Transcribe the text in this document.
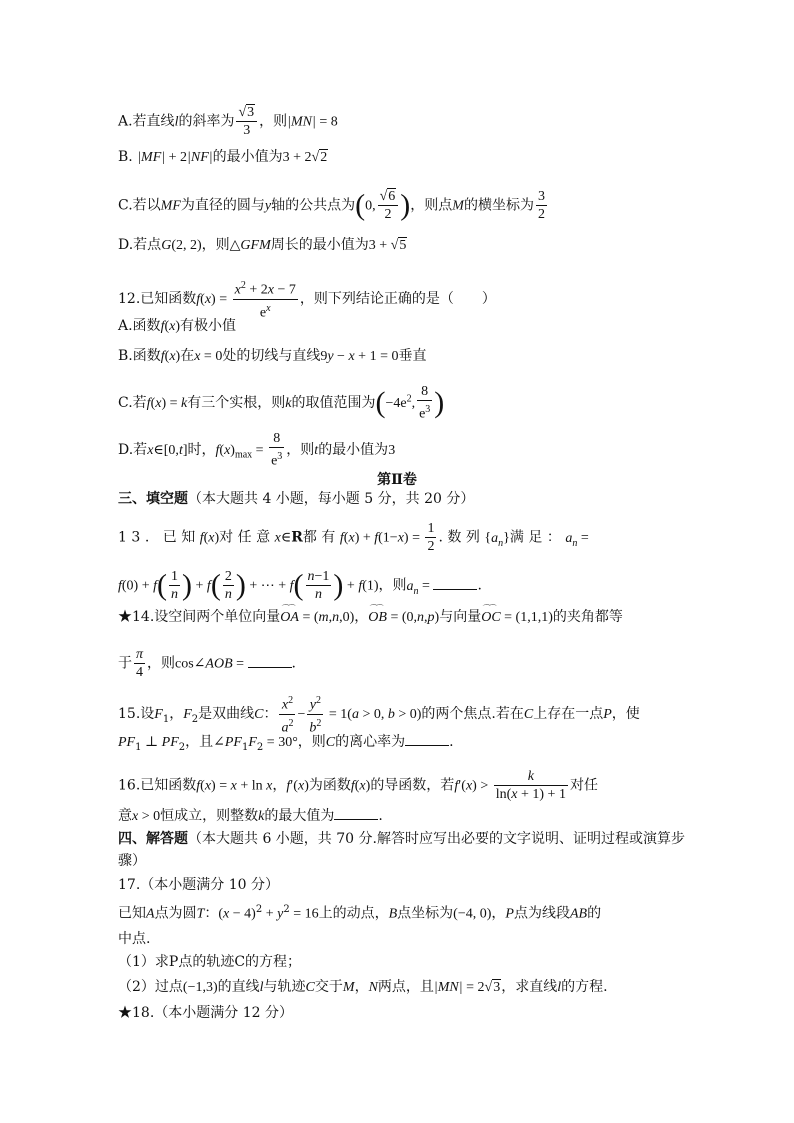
A.若直线l的斜率为 $\frac{√3}{3}$ ，则|MN| = 8
B. |MF| + 2|NF|的最小值为3 + 2√2
C.若以MF为直径的圆与y轴的公共点为(0, $\frac{√6}{2}$ )，则点M的横坐标为 $\frac{3}{2}$
D.若点G(2, 2)，则△GFM周长的最小值为3 + √5
12.已知函数$f(x) = \frac{x^2 + 2x - 7}{e^x}$ ，则下列结论正确的是（　　）
A.函数f(x)有极小值
B.函数f(x)在x = 0处的切线与直线9y − x + 1 = 0垂直
C.若f(x) = k有三个实根，则k的取值范围为($-4e^2$, $\frac{8}{e^3}$ )
D.若x∈[0,t]时，$f(x)_{max} = \frac{8}{e^3}$ ，则t的最小值为3
第Ⅱ卷
三、填空题（本大题共 4 小题，每小题 5 分，共 20 分）
13. 已知f(x)对任意x∈R都有$f(x) + f(1-x) = \frac{1}{2}$ . 数列$\{a_n\}$满足：$a_n$ =
$f(0) + f( \frac{1}{n}$ ) + $f( \frac{2}{n}$ ) + ⋯ + $f( \frac{n-1}{n}$ ) + f(1)，则$a_n$ =	.
★14.设空间两个单位向量⌒⌒ OA = (m,n,0)，⌒⌒ OB = (0,n,p)与向量⌒⌒ OC = (1,1,1)的夹角都等
于 $\frac{\pi}{4}$ ，则cos∠AOB =	.
15.设$F_1$，$F_2$是双曲线C： $\frac{x^2}{a^2} - \frac{y^2}{b^2} = 1(a > 0$, b > 0)的两个焦点.若在C上存在一点P，使
$PF_1$ ⊥ $PF_2$，且$\angle PF_1F_2 = 30^\circ$，则C的离心率为	.
16.已知函数f(x) = x + ln x，f′(x)为函数f(x)的导函数，若$f'(x) > \frac{k}{\ln(x + 1) + 1}$ 对任
意x > 0恒成立，则整数k的最大值为	.
四、解答题（本大题共 6 小题，共 70 分.解答时应写出必要的文字说明、证明过程或演算步
骤）
17.（本小题满分 10 分）
已知A点为圆T：$(x - 4)^2 + y^2 = 16$上的动点，B点坐标为(−4, 0)，P点为线段AB的
中点.
（1）求P点的轨迹C的方程；
（2）过点(−1,3)的直线l与轨迹C交于M，N两点，且|MN| = 2√3，求直线l的方程.
★18.（本小题满分 12 分）
